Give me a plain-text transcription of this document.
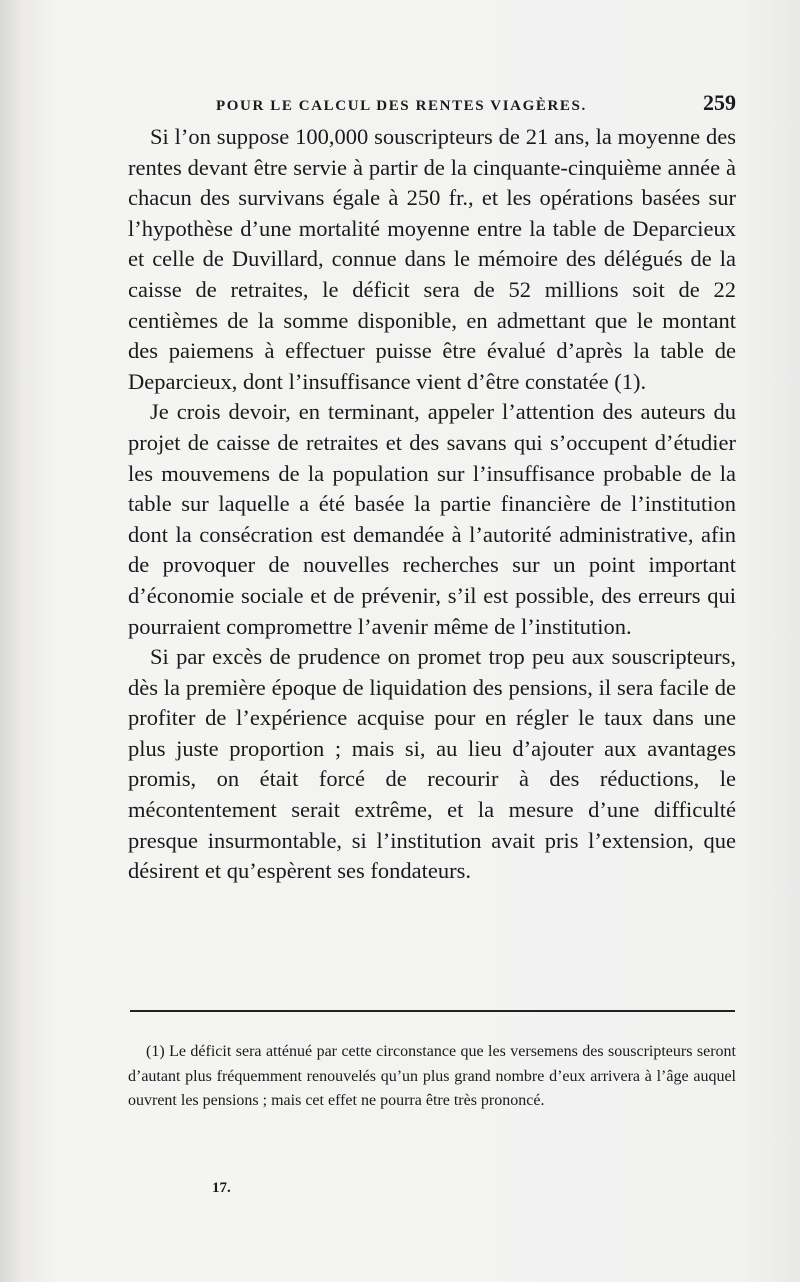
POUR LE CALCUL DES RENTES VIAGÈRES.	259

Si l’on suppose 100,000 souscripteurs de 21 ans, la moyenne des rentes devant être servie à partir de la cinquante-cinquième année à chacun des survivans égale à 250 fr., et les opérations basées sur l’hypothèse d’une mortalité moyenne entre la table de Deparcieux et celle de Duvillard, connue dans le mémoire des délégués de la caisse de retraites, le déficit sera de 52 millions soit de 22 centièmes de la somme disponible, en admettant que le montant des paiemens à effectuer puisse être évalué d’après la table de Deparcieux, dont l’insuffisance vient d’être constatée (1).

Je crois devoir, en terminant, appeler l’attention des auteurs du projet de caisse de retraites et des savans qui s’occupent d’étudier les mouvemens de la population sur l’insuffisance probable de la table sur laquelle a été basée la partie financière de l’institution dont la consécration est demandée à l’autorité administrative, afin de provoquer de nouvelles recherches sur un point important d’économie sociale et de prévenir, s’il est possible, des erreurs qui pourraient compromettre l’avenir même de l’institution.

Si par excès de prudence on promet trop peu aux souscripteurs, dès la première époque de liquidation des pensions, il sera facile de profiter de l’expérience acquise pour en régler le taux dans une plus juste proportion ; mais si, au lieu d’ajouter aux avantages promis, on était forcé de recourir à des réductions, le mécontentement serait extrême, et la mesure d’une difficulté presque insurmontable, si l’institution avait pris l’extension, que désirent et qu’espèrent ses fondateurs.

(1) Le déficit sera atténué par cette circonstance que les versemens des souscripteurs seront d’autant plus fréquemment renouvelés qu’un plus grand nombre d’eux arrivera à l’âge auquel ouvrent les pensions ; mais cet effet ne pourra être très prononcé.

17.
